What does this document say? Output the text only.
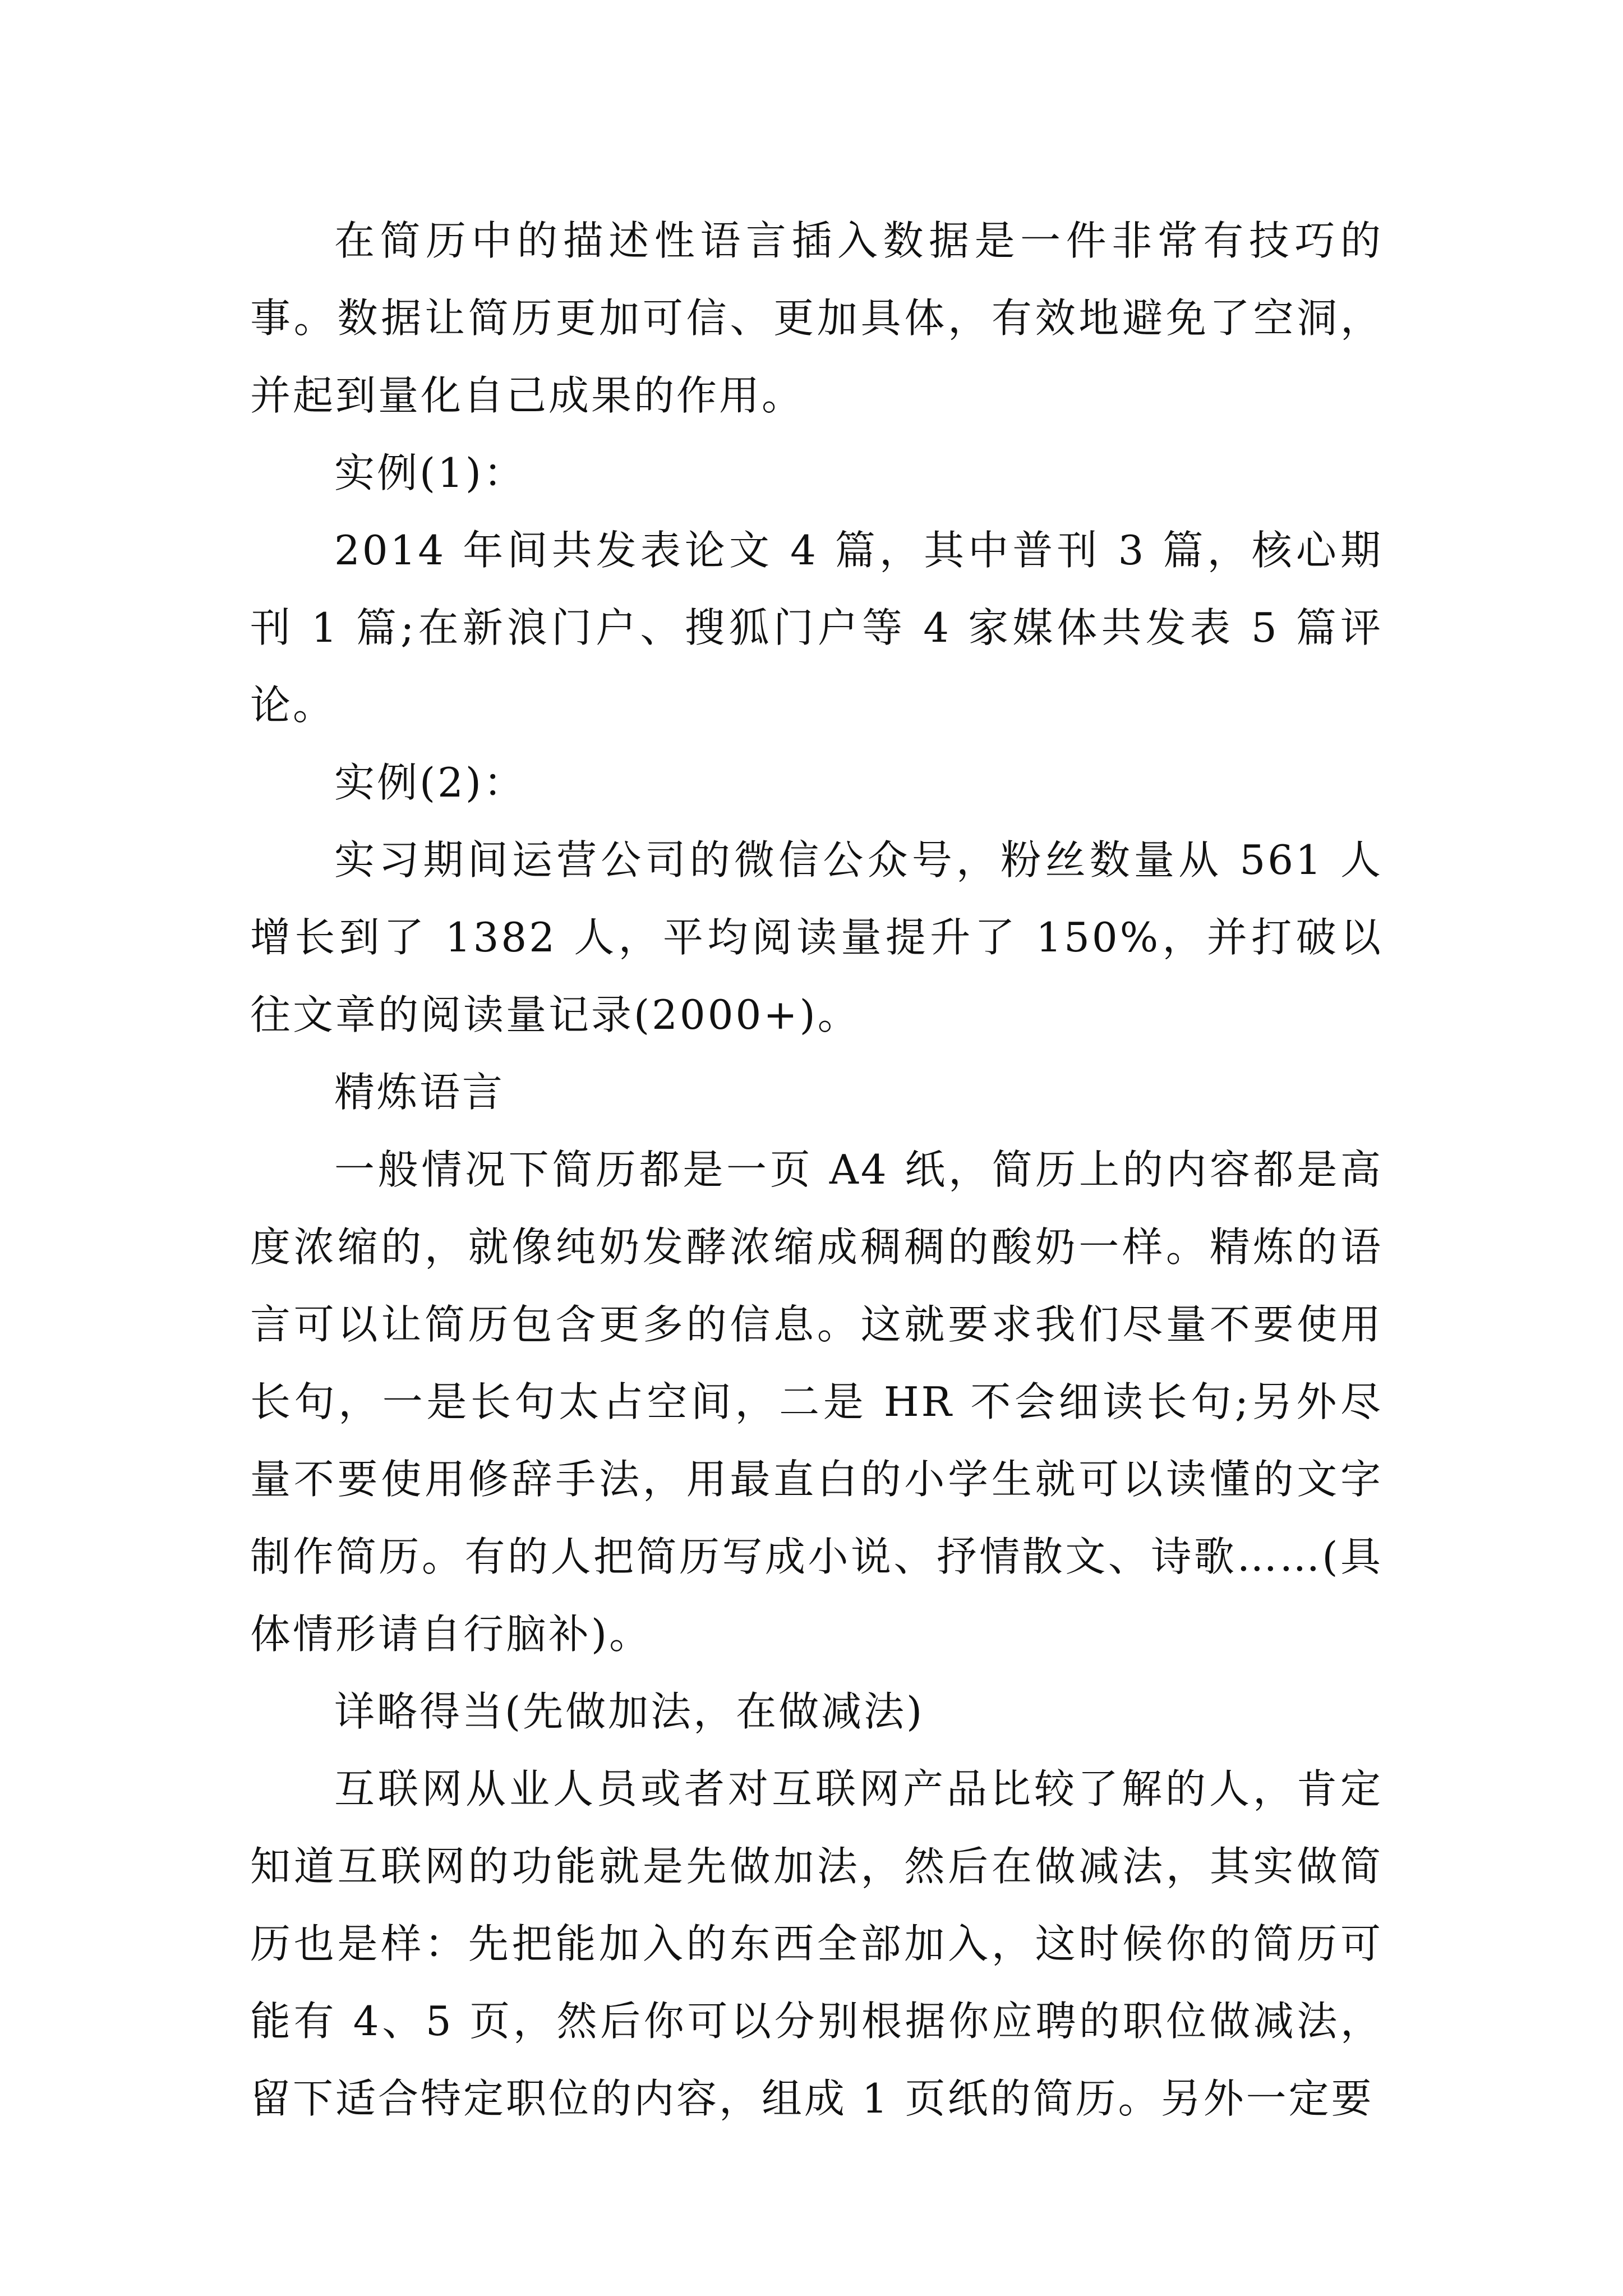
在简历中的描述性语言插入数据是一件非常有技巧的事。数据让简历更加可信、更加具体，有效地避免了空洞，并起到量化自己成果的作用。

实例(1)：

2014 年间共发表论文 4 篇，其中普刊 3 篇，核心期刊 1 篇;在新浪门户、搜狐门户等 4 家媒体共发表 5 篇评论。

实例(2)：

实习期间运营公司的微信公众号，粉丝数量从 561 人增长到了 1382 人，平均阅读量提升了 150%，并打破以往文章的阅读量记录(2000+)。

精炼语言

一般情况下简历都是一页 A4 纸，简历上的内容都是高度浓缩的，就像纯奶发酵浓缩成稠稠的酸奶一样。精炼的语言可以让简历包含更多的信息。这就要求我们尽量不要使用长句，一是长句太占空间，二是 HR 不会细读长句;另外尽量不要使用修辞手法，用最直白的小学生就可以读懂的文字制作简历。有的人把简历写成小说、抒情散文、诗歌……(具体情形请自行脑补)。

详略得当(先做加法，在做减法)

互联网从业人员或者对互联网产品比较了解的人，肯定知道互联网的功能就是先做加法，然后在做减法，其实做简历也是样：先把能加入的东西全部加入，这时候你的简历可能有 4、5 页，然后你可以分别根据你应聘的职位做减法，留下适合特定职位的内容，组成 1 页纸的简历。另外一定要
